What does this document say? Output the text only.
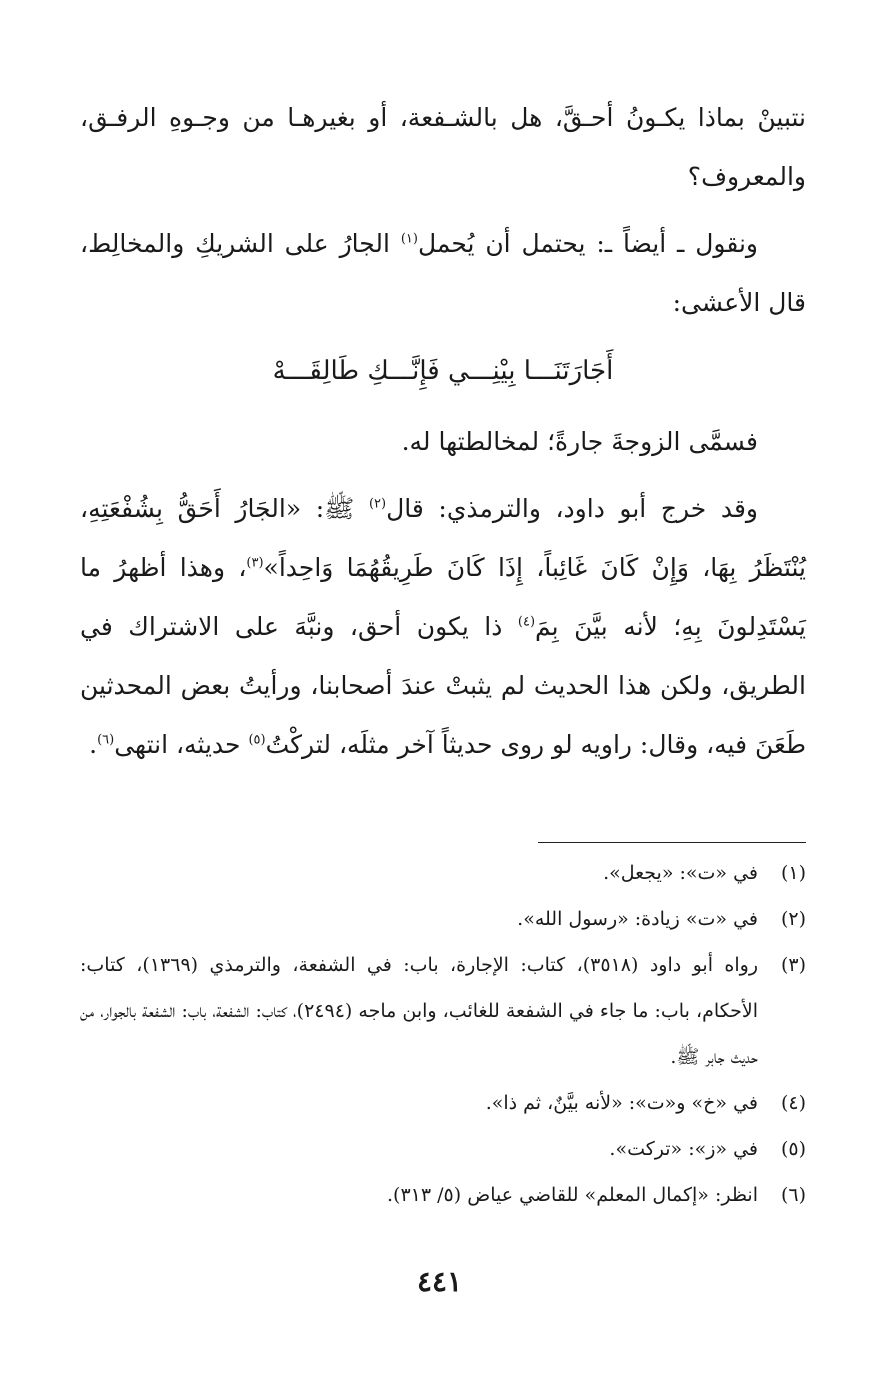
نتبينْ بماذا يكـونُ أحـقَّ، هل بالشـفعة، أو بغيرهـا من وجـوهِ الرفـق، والمعروف؟

ونقول ـ أيضاً ـ: يحتمل أن يُحمل$^{(١)}$ الجارُ على الشريكِ والمخالِط، قال الأعشى:

أَجَارَتَنَـــا بِيْنِـــي فَإِنَّـــكِ طَالِقَـــهْ

فسمَّى الزوجةَ جارةً؛ لمخالطتها له.

وقد خرج أبو داود، والترمذي: قال$^{(٢)}$ ﷺ: «الجَارُ أَحَقُّ بِشُفْعَتِهِ، يُنْتَظَرُ بِهَا، وَإِنْ كَانَ غَائِباً، إِذَا كَانَ طَرِيقُهُمَا وَاحِداً»$^{(٣)}$، وهذا أظهرُ ما يَسْتَدِلونَ بِهِ؛ لأنه بيَّنَ بِمَ$^{(٤)}$ ذا يكون أحق، ونبَّهَ على الاشتراك في الطريق، ولكن هذا الحديث لم يثبتْ عندَ أصحابنا، ورأيتُ بعض المحدثين طَعَنَ فيه، وقال: راويه لو روى حديثاً آخر مثلَه، لتركْتُ$^{(٥)}$ حديثه، انتهى$^{(٦)}$.

(١)
في «ت»: «يجعل».
(٢)
في «ت» زيادة: «رسول الله».
(٣)
رواه أبو داود (٣٥١٨)، كتاب: الإجارة، باب: في الشفعة، والترمذي (١٣٦٩)، كتاب: الأحكام، باب: ما جاء في الشفعة للغائب، وابن ماجه (٢٤٩٤)، كتاب: الشفعة، باب: الشفعة بالجوار، من حديث جابر ﷺ.
(٤)
في «خ» و«ت»: «لأنه بيَّنٌ، ثم ذا».
(٥)
في «ز»: «تركت».
(٦)
انظر: «إكمال المعلم» للقاضي عياض (٥/ ٣١٣).
٤٤١
